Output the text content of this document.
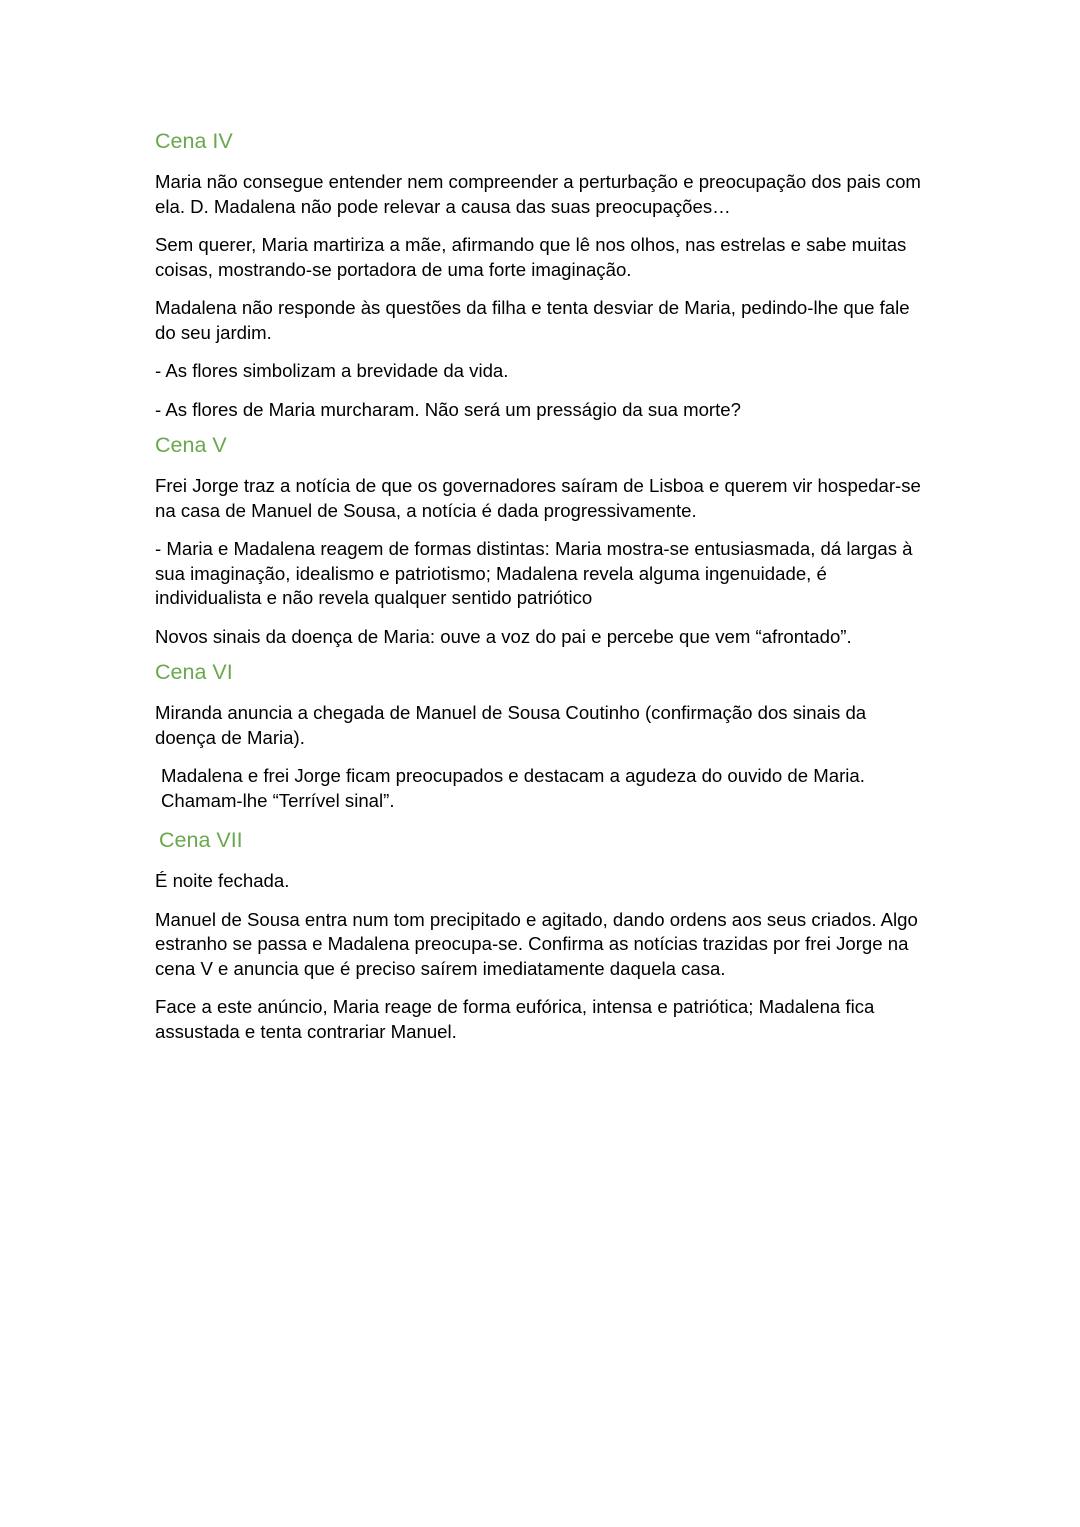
Cena IV

Maria não consegue entender nem compreender a perturbação e preocupação dos pais com ela. D. Madalena não pode relevar a causa das suas preocupações…

Sem querer, Maria martiriza a mãe, afirmando que lê nos olhos, nas estrelas e sabe muitas coisas, mostrando-se portadora de uma forte imaginação.

Madalena não responde às questões da filha e tenta desviar de Maria, pedindo-lhe que fale do seu jardim.

- As flores simbolizam a brevidade da vida.

- As flores de Maria murcharam. Não será um presságio da sua morte?

Cena V

Frei Jorge traz a notícia de que os governadores saíram de Lisboa e querem vir hospedar-se na casa de Manuel de Sousa, a notícia é dada progressivamente.

- Maria e Madalena reagem de formas distintas: Maria mostra-se entusiasmada, dá largas à sua imaginação, idealismo e patriotismo; Madalena revela alguma ingenuidade, é individualista e não revela qualquer sentido patriótico

Novos sinais da doença de Maria: ouve a voz do pai e percebe que vem “afrontado”.

Cena VI

Miranda anuncia a chegada de Manuel de Sousa Coutinho (confirmação dos sinais da doença de Maria).

Madalena e frei Jorge ficam preocupados e destacam a agudeza do ouvido de Maria. Chamam-lhe “Terrível sinal”.

Cena VII

É noite fechada.

Manuel de Sousa entra num tom precipitado e agitado, dando ordens aos seus criados. Algo estranho se passa e Madalena preocupa-se. Confirma as notícias trazidas por frei Jorge na cena V e anuncia que é preciso saírem imediatamente daquela casa.

Face a este anúncio, Maria reage de forma eufórica, intensa e patriótica; Madalena fica assustada e tenta contrariar Manuel.
